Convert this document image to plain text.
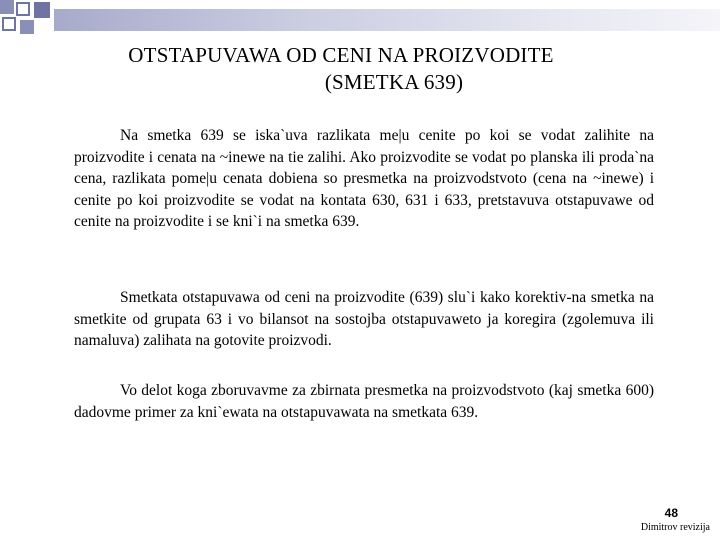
OTSTAPUVAWA OD CENI NA PROIZVODITE
(SMETKA 639)

Na smetka 639 se iska`uva razlikata me|u cenite po koi se vodat zalihite na proizvodite i cenata na ~inewe na tie zalihi. Ako proizvodite se vodat po planska ili proda`na cena, razlikata pome|u cenata dobiena so presmetka na proizvodstvoto (cena na ~inewe) i cenite po koi proizvodite se vodat na kontata 630, 631 i 633, pretstavuva otstapuvawe od cenite na proizvodite i se kni`i na smetka 639.

Smetkata otstapuvawa od ceni na proizvodite (639) slu`i kako korektiv-na smetka na smetkite od grupata 63 i vo bilansot na sostojba otstapuvaweto ja koregira (zgolemuva ili namaluva) zalihata na gotovite proizvodi.

Vo delot koga zboruvavme za zbirnata presmetka na proizvodstvoto (kaj smetka 600) dadovme primer za kni`ewata na otstapuvawata na smetkata 639.

48
Dimitrov revizija
